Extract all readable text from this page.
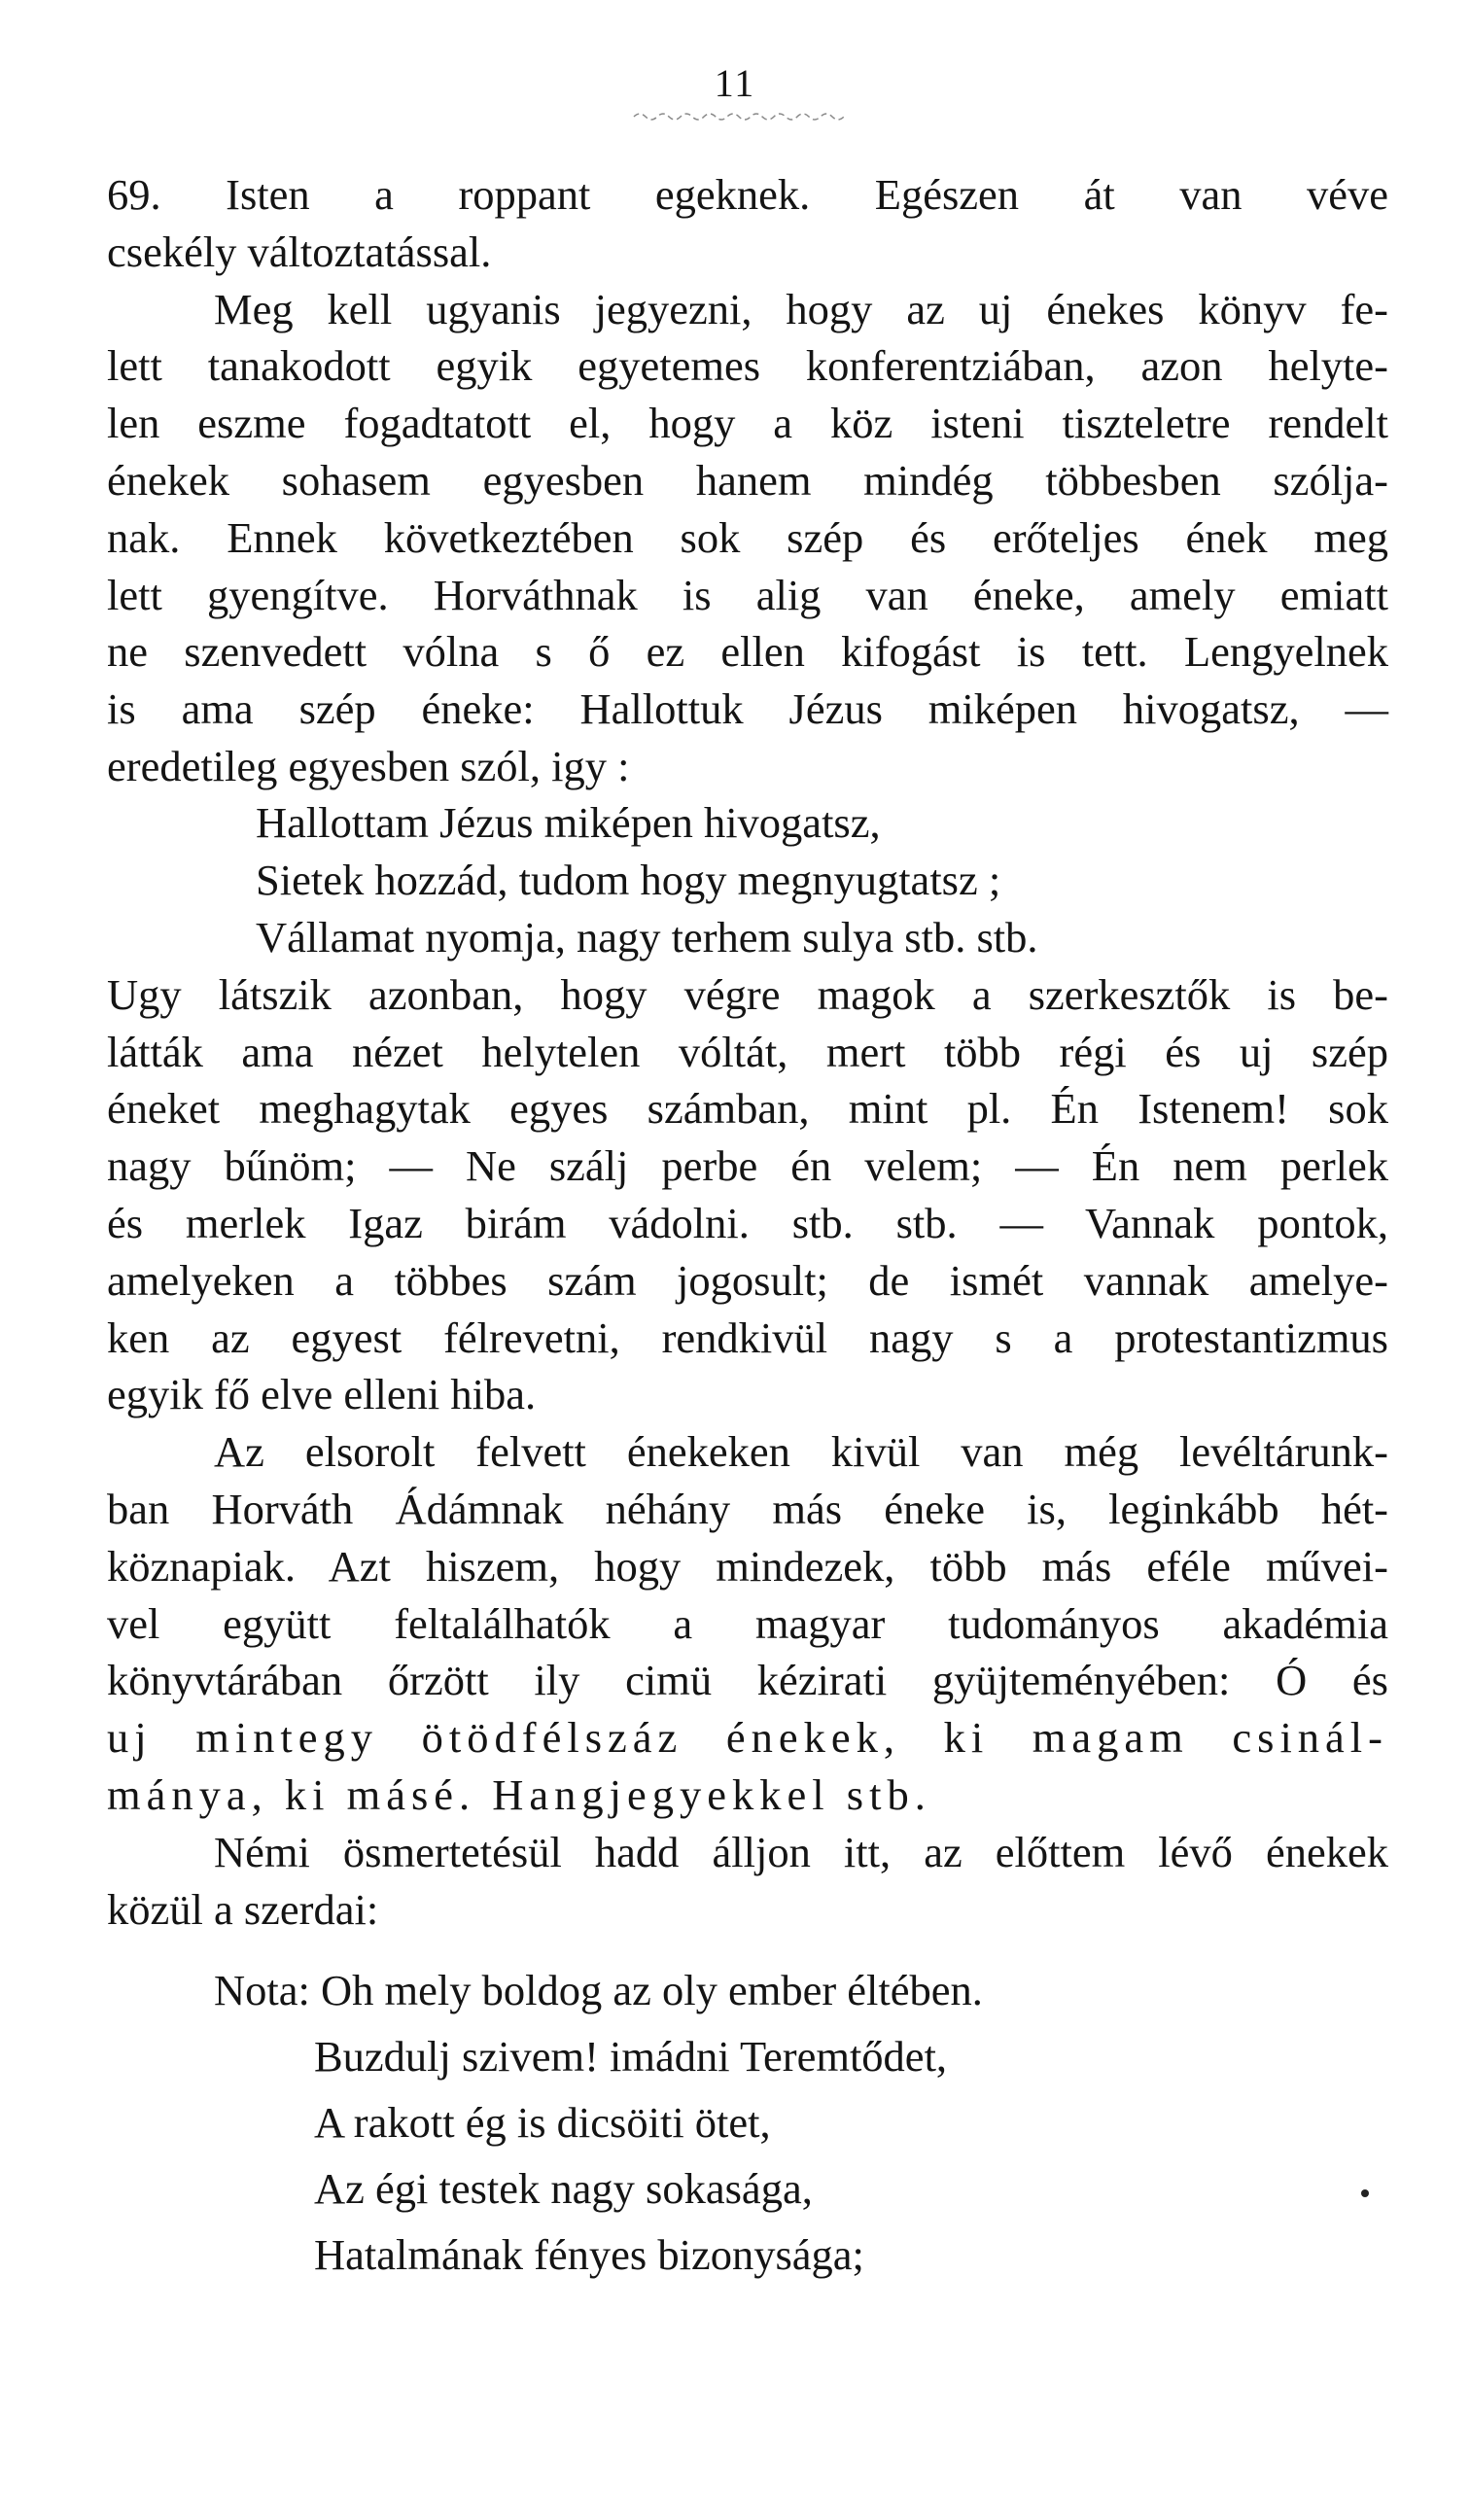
11
69. Isten a roppant egeknek. Egészen át van véve
csekély változtatással.
Meg kell ugyanis jegyezni, hogy az uj énekes könyv fe-
lett tanakodott egyik egyetemes konferentziában, azon helyte-
len eszme fogadtatott el, hogy a köz isteni tiszteletre rendelt
énekek sohasem egyesben hanem mindég többesben szólja-
nak. Ennek következtében sok szép és erőteljes ének meg
lett gyengítve. Horváthnak is alig van éneke, amely emiatt
ne szenvedett vólna s ő ez ellen kifogást is tett. Lengyelnek
is ama szép éneke: Hallottuk Jézus miképen hivogatsz, —
eredetileg egyesben szól, igy :
Hallottam Jézus miképen hivogatsz,
Sietek hozzád, tudom hogy megnyugtatsz ;
Vállamat nyomja, nagy terhem sulya stb. stb.
Ugy látszik azonban, hogy végre magok a szerkesztők is be-
látták ama nézet helytelen vóltát, mert több régi és uj szép
éneket meghagytak egyes számban, mint pl. Én Istenem! sok
nagy bűnöm; — Ne szálj perbe én velem; — Én nem perlek
és merlek Igaz birám vádolni. stb. stb. — Vannak pontok,
amelyeken a többes szám jogosult; de ismét vannak amelye-
ken az egyest félrevetni, rendkivül nagy s a protestantizmus
egyik fő elve elleni hiba.
Az elsorolt felvett énekeken kivül van még levéltárunk-
ban Horváth Ádámnak néhány más éneke is, leginkább hét-
köznapiak. Azt hiszem, hogy mindezek, több más eféle művei-
vel együtt feltalálhatók a magyar tudományos akadémia
könyvtárában őrzött ily cimü kézirati gyüjteményében: Ó és
uj mintegy ötödfélszáz énekek, ki magam csinál-
mánya, ki másé. Hangjegyekkel stb.
Némi ösmertetésül hadd álljon itt, az előttem lévő énekek
közül a szerdai:
Nota: Oh mely boldog az oly ember éltében.
Buzdulj szivem! imádni Teremtődet,
A rakott ég is dicsöiti ötet,
Az égi testek nagy sokasága,
Hatalmának fényes bizonysága;
